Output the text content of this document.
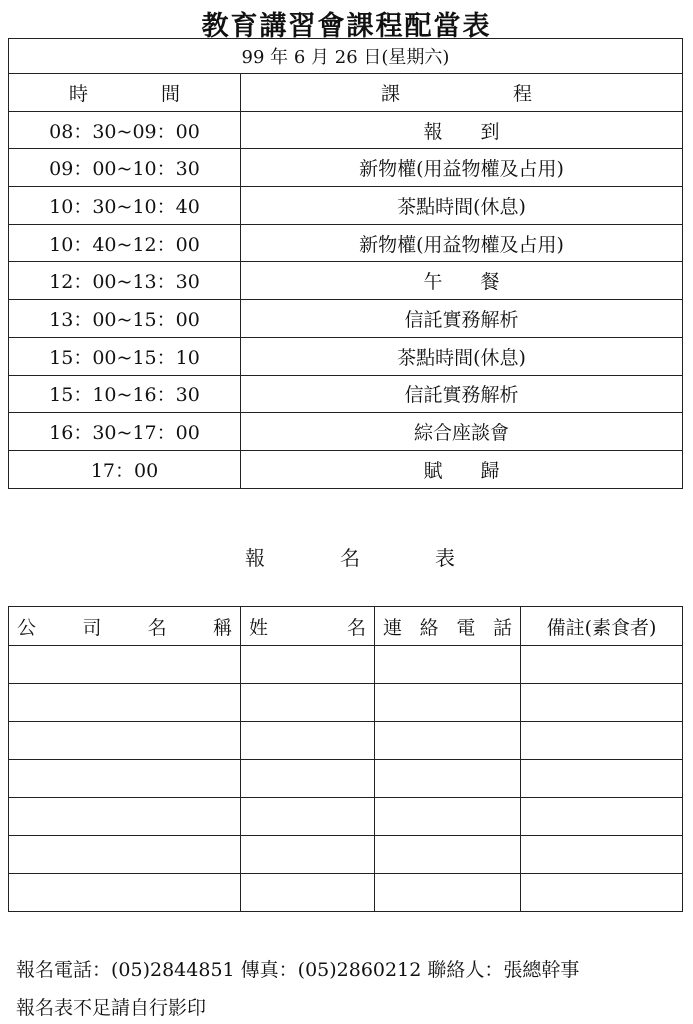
教育講習會課程配當表
99 年 6 月 26 日(星期六)	

時 間	課 程

08：30~09：00	報　　到
09：00~10：30	新物權(用益物權及占用)
10：30~10：40	茶點時間(休息)
10：40~12：00	新物權(用益物權及占用)
12：00~13：30	午　　餐
13：00~15：00	信託實務解析
15：00~15：10	茶點時間(休息)
15：10~16：30	信託實務解析
16：30~17：00	綜合座談會
17：00	賦　　歸
報	名	表
公 司 名 稱	姓 名	連 絡 電 話	備註(素食者)

報名電話：(05)2844851 傳真：(05)2860212 聯絡人：張總幹事
報名表不足請自行影印
